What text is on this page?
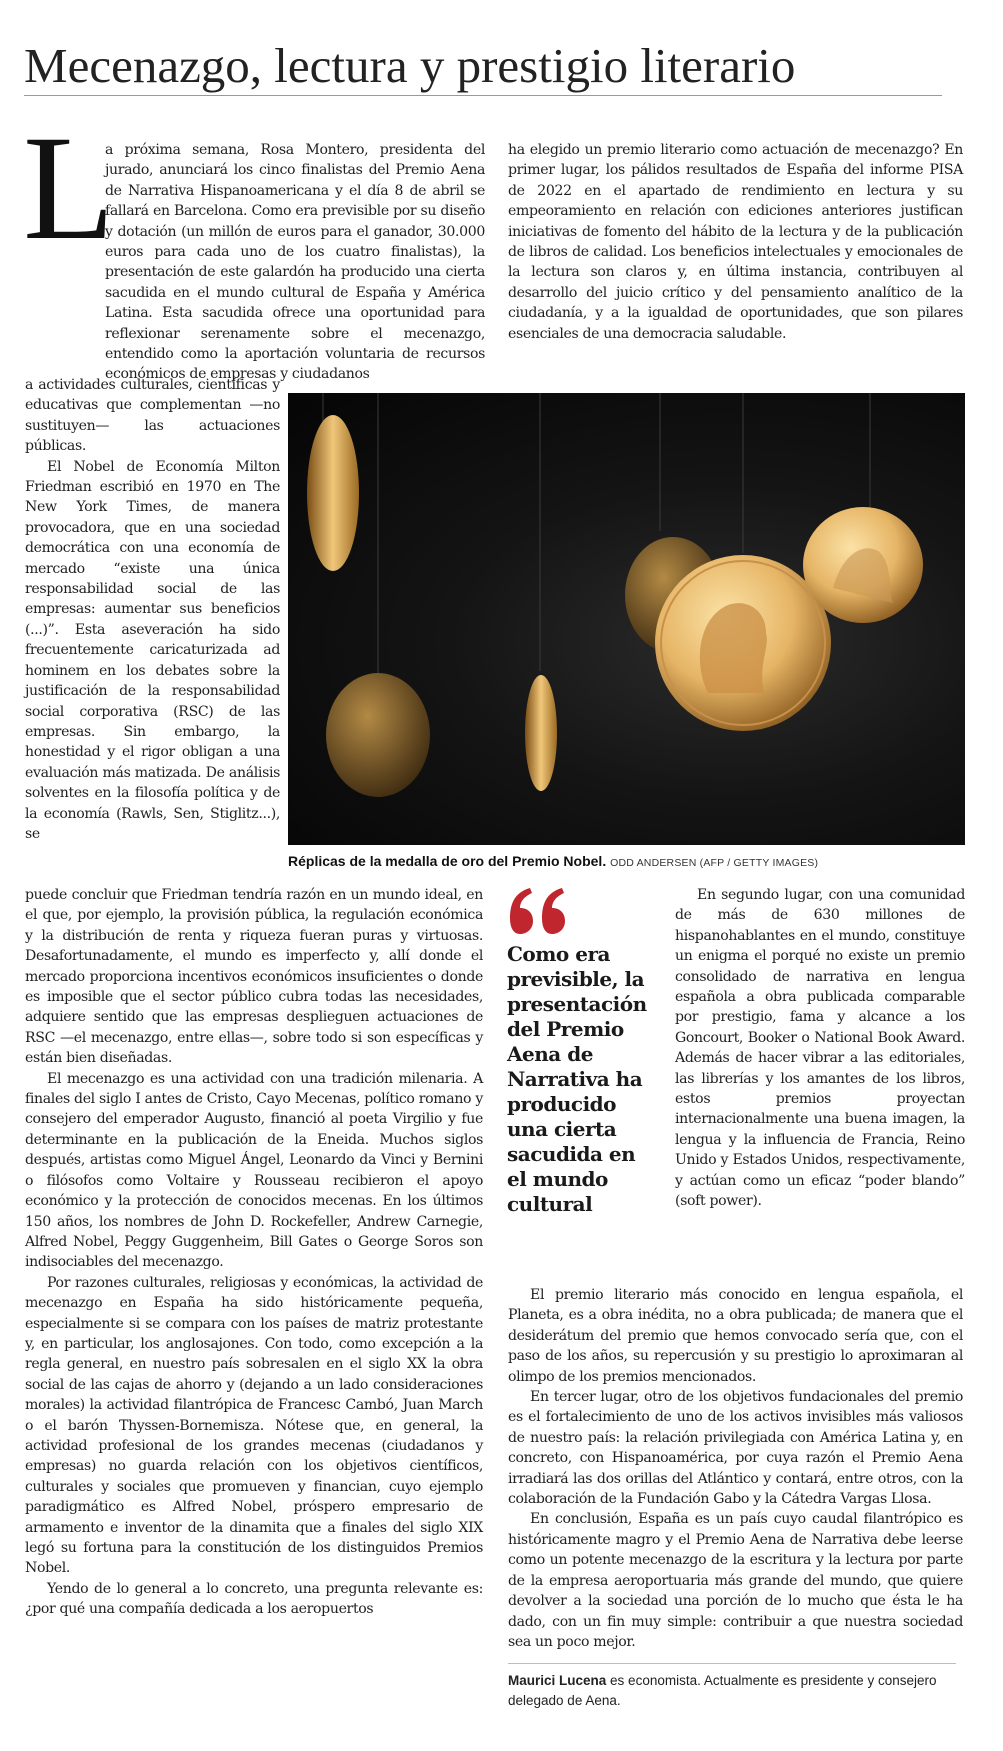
Mecenazgo, lectura y prestigio literario
L

a próxima semana, Rosa Montero, presidenta del jurado, anunciará los cinco finalistas del Premio Aena de Narrativa Hispanoamericana y el día 8 de abril se fallará en Barcelona. Como era previsible por su diseño y dotación (un millón de euros para el ganador, 30.000 euros para cada uno de los cuatro finalistas), la presentación de este galardón ha producido una cierta sacudida en el mundo cultural de España y América Latina. Esta sacudida ofrece una oportunidad para reflexionar serenamente sobre el mecenazgo, entendido como la aportación voluntaria de recursos económicos de empresas y ciudadanos

a actividades culturales, científicas y educativas que complementan —no sustituyen— las actuaciones públicas.

El Nobel de Economía Milton Friedman escribió en 1970 en The New York Times, de manera provocadora, que en una sociedad democrática con una economía de mercado “existe una única responsabilidad social de las empresas: aumentar sus beneficios (...)”. Esta aseveración ha sido frecuentemente caricaturizada ad hominem en los debates sobre la justificación de la responsabilidad social corporativa (RSC) de las empresas. Sin embargo, la honestidad y el rigor obligan a una evaluación más matizada. De análisis solventes en la filosofía política y de la economía (Rawls, Sen, Stiglitz...), se

puede concluir que Friedman tendría razón en un mundo ideal, en el que, por ejemplo, la provisión pública, la regulación económica y la distribución de renta y riqueza fueran puras y virtuosas. Desafortunadamente, el mundo es imperfecto y, allí donde el mercado proporciona incentivos económicos insuficientes o donde es imposible que el sector público cubra todas las necesidades, adquiere sentido que las empresas desplieguen actuaciones de RSC —el mecenazgo, entre ellas—, sobre todo si son específicas y están bien diseñadas.

El mecenazgo es una actividad con una tradición milenaria. A finales del siglo I antes de Cristo, Cayo Mecenas, político romano y consejero del emperador Augusto, financió al poeta Virgilio y fue determinante en la publicación de la Eneida. Muchos siglos después, artistas como Miguel Ángel, Leonardo da Vinci y Bernini o filósofos como Voltaire y Rousseau recibieron el apoyo económico y la protección de conocidos mecenas. En los últimos 150 años, los nombres de John D. Rockefeller, Andrew Carnegie, Alfred Nobel, Peggy Guggenheim, Bill Gates o George Soros son indisociables del mecenazgo.

Por razones culturales, religiosas y económicas, la actividad de mecenazgo en España ha sido históricamente pequeña, especialmente si se compara con los países de matriz protestante y, en particular, los anglosajones. Con todo, como excepción a la regla general, en nuestro país sobresalen en el siglo XX la obra social de las cajas de ahorro y (dejando a un lado consideraciones morales) la actividad filantrópica de Francesc Cambó, Juan March o el barón Thyssen-Bornemisza. Nótese que, en general, la actividad profesional de los grandes mecenas (ciudadanos y empresas) no guarda relación con los objetivos científicos, culturales y sociales que promueven y financian, cuyo ejemplo paradigmático es Alfred Nobel, próspero empresario de armamento e inventor de la dinamita que a finales del siglo XIX legó su fortuna para la constitución de los distinguidos Premios Nobel.

Yendo de lo general a lo concreto, una pregunta relevante es: ¿por qué una compañía dedicada a los aeropuertos

ha elegido un premio literario como actuación de mecenazgo? En primer lugar, los pálidos resultados de España del informe PISA de 2022 en el apartado de rendimiento en lectura y su empeoramiento en relación con ediciones anteriores justifican iniciativas de fomento del hábito de la lectura y de la publicación de libros de calidad. Los beneficios intelectuales y emocionales de la lectura son claros y, en última instancia, contribuyen al desarrollo del juicio crítico y del pensamiento analítico de la ciudadanía, y a la igualdad de oportunidades, que son pilares esenciales de una democracia saludable.

Réplicas de la medalla de oro del Premio Nobel. ODD ANDERSEN (AFP / GETTY IMAGES)

Como era previsible, la presentación del Premio Aena de Narrativa ha producido una cierta sacudida en el mundo cultural

En segundo lugar, con una comunidad de más de 630 millones de hispanohablantes en el mundo, constituye un enigma el porqué no existe un premio consolidado de narrativa en lengua española a obra publicada comparable por prestigio, fama y alcance a los Goncourt, Booker o National Book Award. Además de hacer vibrar a las editoriales, las librerías y los amantes de los libros, estos premios proyectan internacionalmente una buena imagen, la lengua y la influencia de Francia, Reino Unido y Estados Unidos, respectivamente, y actúan como un eficaz “poder blando” (soft power).

El premio literario más conocido en lengua española, el Planeta, es a obra inédita, no a obra publicada; de manera que el desiderátum del premio que hemos convocado sería que, con el paso de los años, su repercusión y su prestigio lo aproximaran al olimpo de los premios mencionados.

En tercer lugar, otro de los objetivos fundacionales del premio es el fortalecimiento de uno de los activos invisibles más valiosos de nuestro país: la relación privilegiada con América Latina y, en concreto, con Hispanoamérica, por cuya razón el Premio Aena irradiará las dos orillas del Atlántico y contará, entre otros, con la colaboración de la Fundación Gabo y la Cátedra Vargas Llosa.

En conclusión, España es un país cuyo caudal filantrópico es históricamente magro y el Premio Aena de Narrativa debe leerse como un potente mecenazgo de la escritura y la lectura por parte de la empresa aeroportuaria más grande del mundo, que quiere devolver a la sociedad una porción de lo mucho que ésta le ha dado, con un fin muy simple: contribuir a que nuestra sociedad sea un poco mejor.

Maurici Lucena es economista. Actualmente es presidente y consejero delegado de Aena.
